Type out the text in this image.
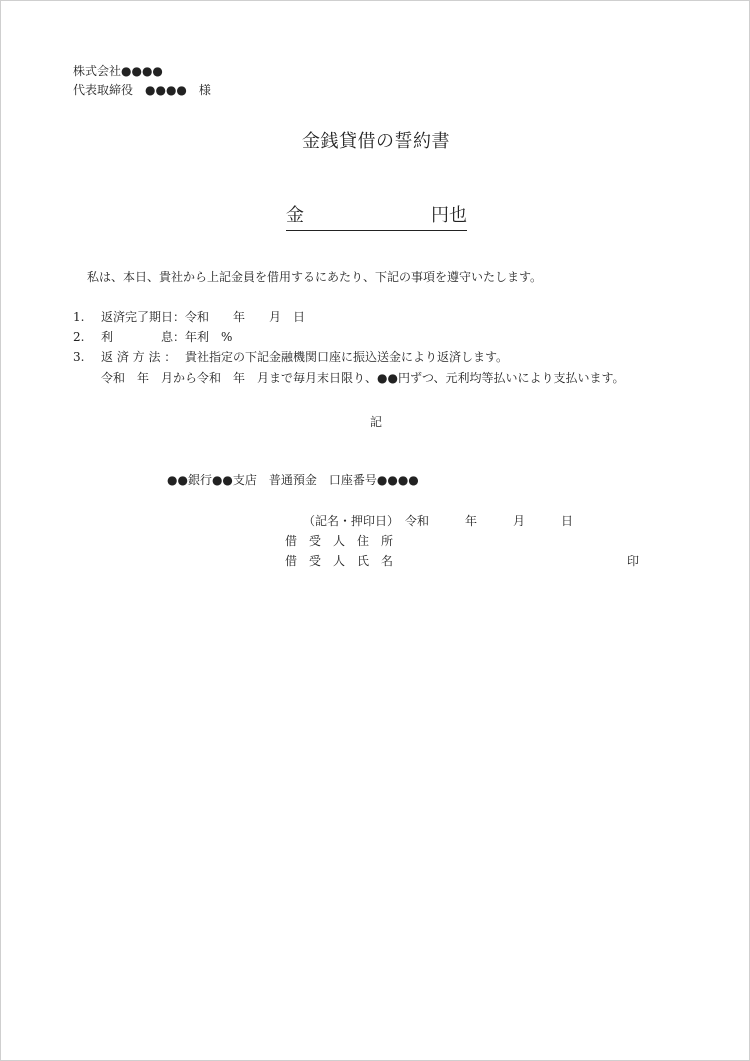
株式会社●●●●
代表取締役　●●●●　様
金銭貸借の誓約書
金	円也
私は、本日、貴社から上記金員を借用するにあたり、下記の事項を遵守いたします。
1. 返済完了期日： 令和　　年　　月　日
2. 利　　　　息： 年利　%
3. 返 済 方 法 ： 貴社指定の下記金融機関口座に振込送金により返済します。
令和　年　月から令和　年　月まで毎月末日限り、●●円ずつ、元利均等払いにより支払います。
記
●●銀行●●支店　普通預金　口座番号●●●●
（記名・押印日）　令和　　　年　　　月　　　日
借　受　人　住　所
借　受　人　氏　名	印
